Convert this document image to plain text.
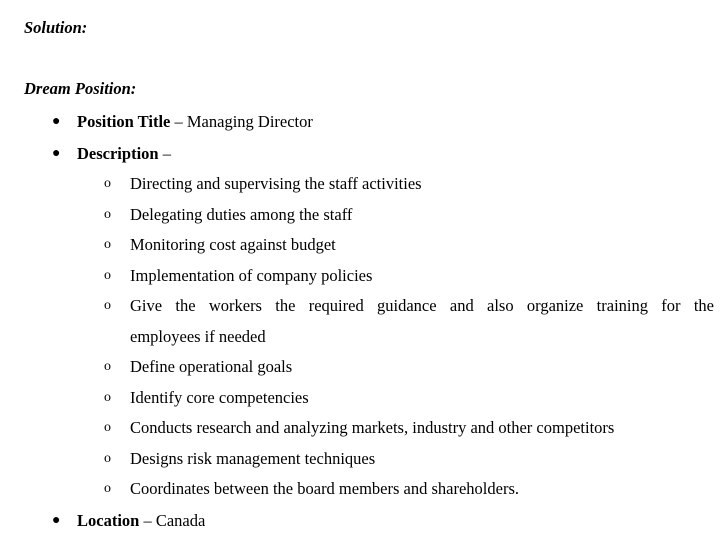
Solution:
Dream Position:
● Position Title – Managing Director
● Description –
o Directing and supervising the staff activities
o Delegating duties among the staff
o Monitoring cost against budget
o Implementation of company policies
o Give the workers the required guidance and also organize training for the
employees if needed
o Define operational goals
o Identify core competencies
o Conducts research and analyzing markets, industry and other competitors
o Designs risk management techniques
o Coordinates between the board members and shareholders.
● Location – Canada
